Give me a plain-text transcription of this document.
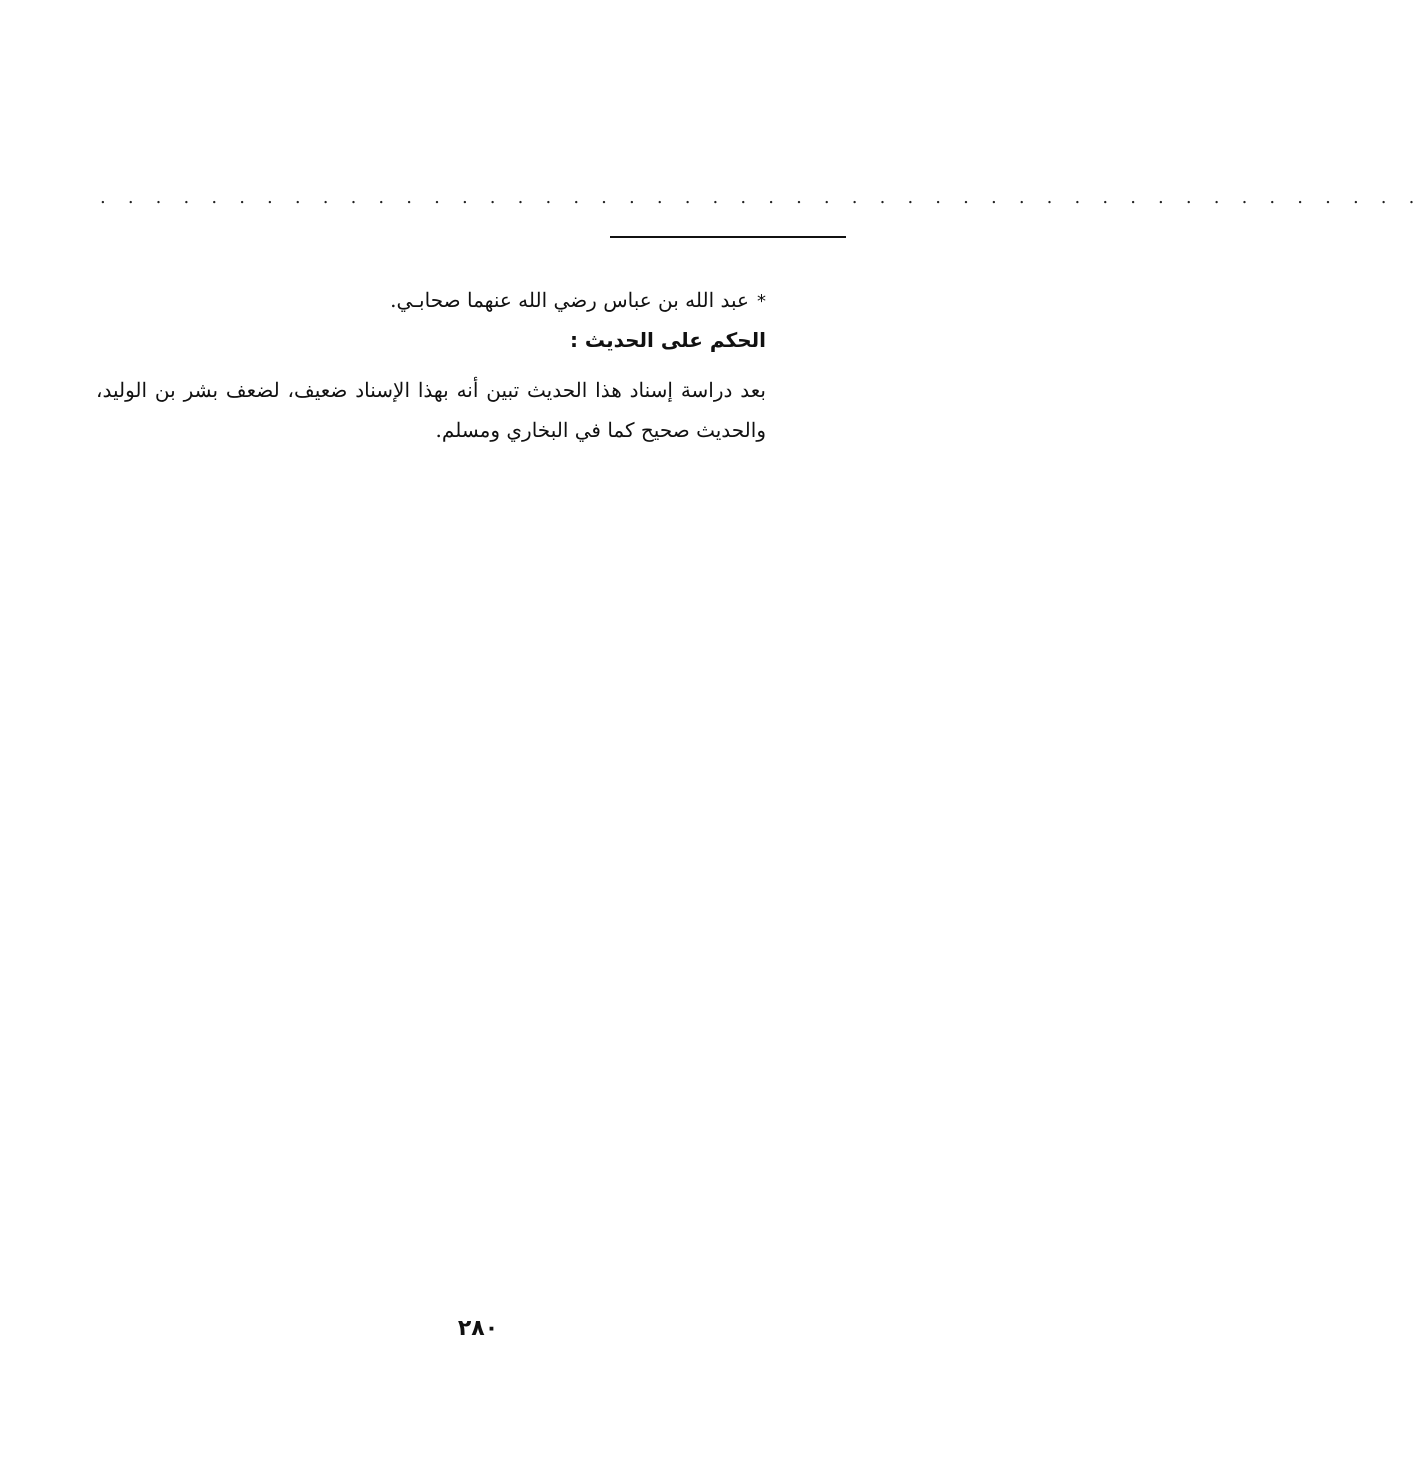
. . . . . . . . . . . . . . . . . . . . . . . . . . . . . . . . . . . . . . . . . . . . . . . .
*عبد الله بن عباس رضي الله عنهما صحابـي.
الحكم على الحديث :
بعد دراسة إسناد هذا الحديث تبين أنه بهذا الإسناد ضعيف، لضعف بشر بن الوليد، والحديث صحيح كما في البخاري ومسلم.
٢٨٠
